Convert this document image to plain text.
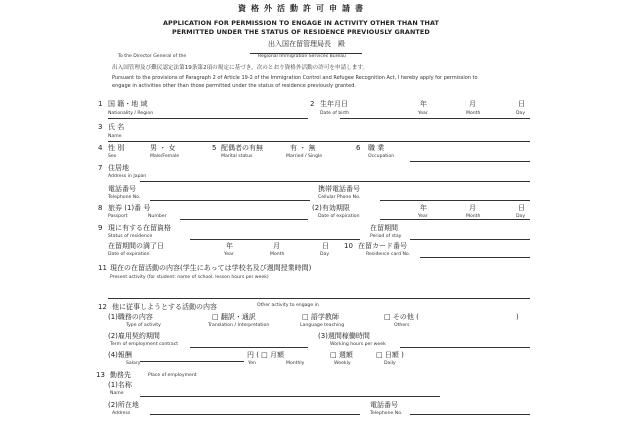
資格外活動許可申請書
APPLICATION FOR PERMISSION TO ENGAGE IN ACTIVITY OTHER THAN THAT
PERMITTED UNDER THE STATUS OF RESIDENCE PREVIOUSLY GRANTED
出入国在留管理局長　殿
To the Director General of the	Regional Immigration Services Bureau
出入国管理及び難民認定法第19条第2項の規定に基づき，次のとおり資格外活動の許可を申請します。
Pursuant to the provisions of Paragraph 2 of Article 19-2 of the Immigration Control and Refugee Recognition Act, I hereby apply for permission to
engage in activities other than those permitted under the status of residence previously granted.
1 国 籍・地 域
Nationality / Region
2 生年月日
Date of birth
年
Year
月
Month
日
Day
3 氏 名
Name
4 性 別
Sex
男 ・ 女
Male/Female
5 配偶者の有無
Marital status
有 ・ 無
Married / Single
6 職 業
Occupation
7 住居地
Address in Japan
電話番号
Telephone No.
携帯電話番号
Cellular Phone No.
8 旅券 (1)番 号
Passport	Number
(2)有効期限
Date of expiration
年
Year
月
Month
日
Day
9 現に有する在留資格
Status of residence
在留期間
Period of stay
在留期間の満了日
Date of expiration
年
Year
月
Month
日
Day
10 在留カード番号
Residence card No.
11 現在の在留活動の内容(学生にあっては学校名及び週間授業時間)
Present activity (for student: name of school, lesson hours per week)
12 他に従事しようとする活動の内容	Other activity to engage in
(1)職務の内容
Type of activity
□ 翻訳・通訳
Translation / Interpretation
□ 語学教師
Language teaching
□ その他 (	)
Others
(2)雇用契約期間
Term of employment contract
(3)週間稼働時間
Working hours per week
(4)報酬
Salary
円 ( □ 月額
Yen	Monthly
□ 週額
Weekly
□ 日額 )
Daily
13 勤務先	Place of employment
(1)名称
Name
(2)所在地
Address
電話番号
Telephone No.
